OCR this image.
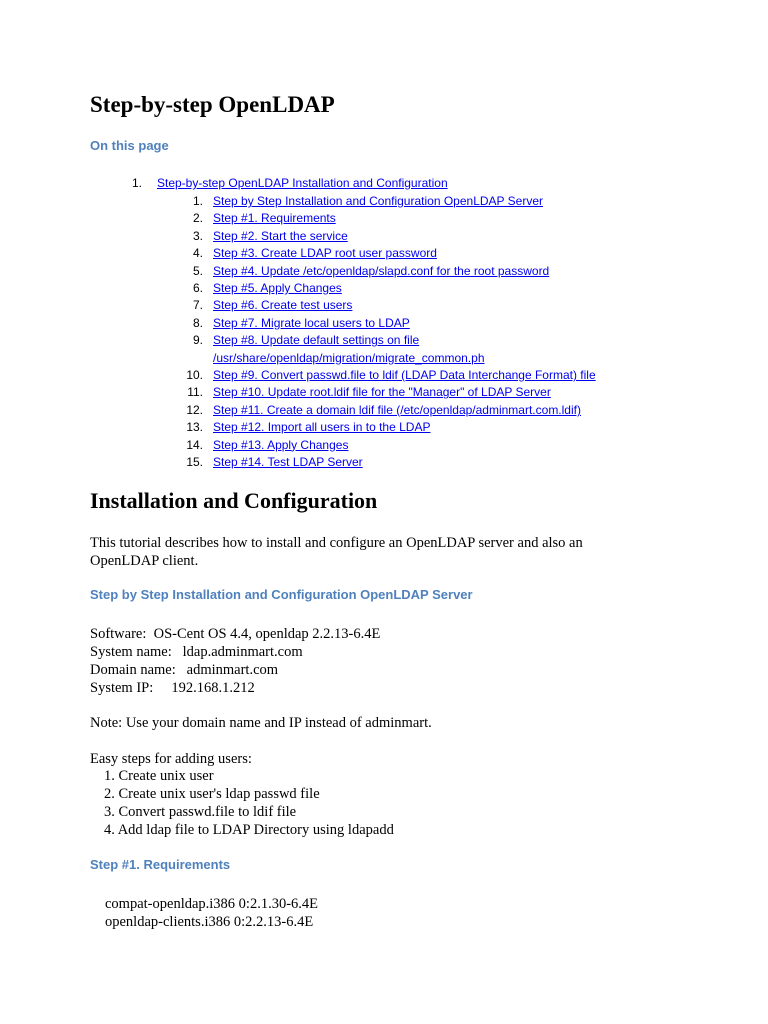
Step-by-step OpenLDAP
On this page
1. Step-by-step OpenLDAP Installation and Configuration
1.
Step by Step Installation and Configuration OpenLDAP Server
2.
Step #1. Requirements
3.
Step #2. Start the service
4.
Step #3. Create LDAP root user password
5.
Step #4. Update /etc/openldap/slapd.conf for the root password
6.
Step #5. Apply Changes
7.
Step #6. Create test users
8.
Step #7. Migrate local users to LDAP
9.
Step #8. Update default settings on file

/usr/share/openldap/migration/migrate_common.ph
10.
Step #9. Convert passwd.file to ldif (LDAP Data Interchange Format) file
11.
Step #10. Update root.ldif file for the "Manager" of LDAP Server
12.
Step #11. Create a domain ldif file (/etc/openldap/adminmart.com.ldif)
13.
Step #12. Import all users in to the LDAP
14.
Step #13. Apply Changes
15.
Step #14. Test LDAP Server
Installation and Configuration

This tutorial describes how to install and configure an OpenLDAP server and also an OpenLDAP client.

Step by Step Installation and Configuration OpenLDAP Server
Software:  OS-Cent OS 4.4, openldap 2.2.13-6.4E
System name:   ldap.adminmart.com
Domain name:   adminmart.com
System IP:     192.168.1.212
Note: Use your domain name and IP instead of adminmart.
Easy steps for adding users:
1. Create unix user
2. Create unix user's ldap passwd file
3. Convert passwd.file to ldif file
4. Add ldap file to LDAP Directory using ldapadd
Step #1. Requirements
compat-openldap.i386 0:2.1.30-6.4E
openldap-clients.i386 0:2.2.13-6.4E
